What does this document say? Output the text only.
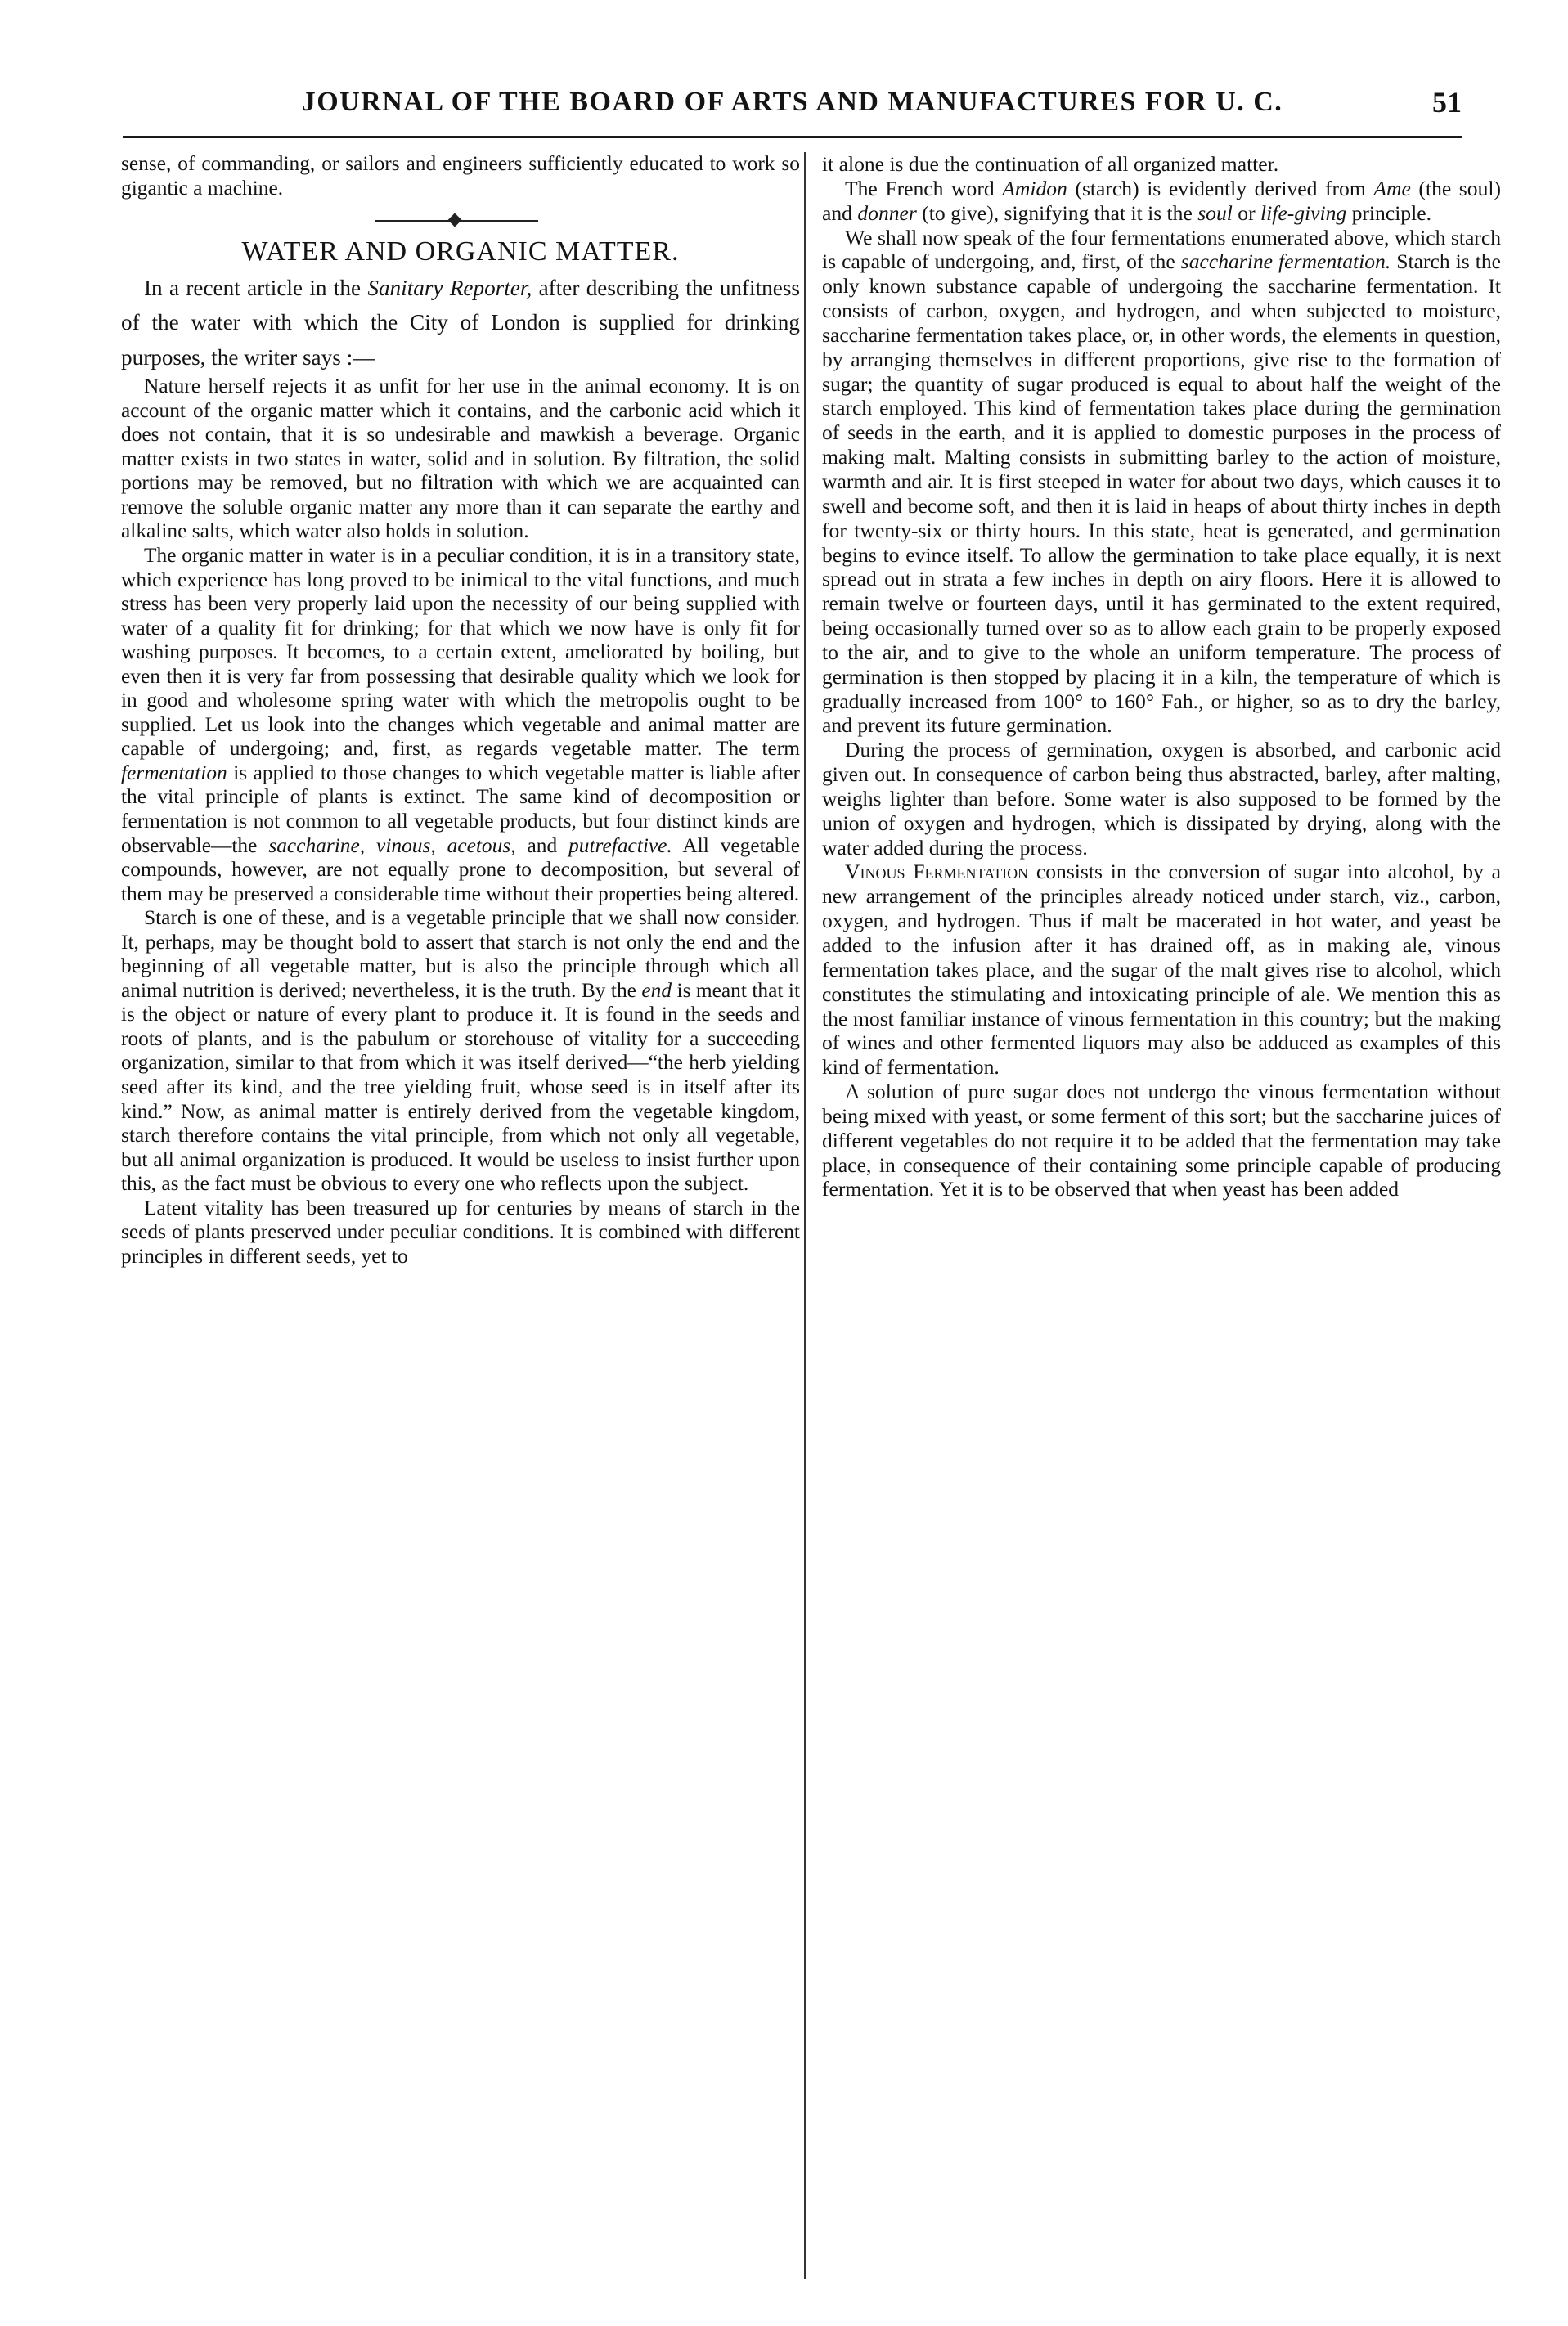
JOURNAL OF THE BOARD OF ARTS AND MANUFACTURES FOR U. C.	51

sense, of commanding, or sailors and engineers sufficiently educated to work so gigantic a machine.

WATER AND ORGANIC MATTER.

In a recent article in the Sanitary Reporter, after describing the unfitness of the water with which the City of London is supplied for drinking purposes, the writer says :—

Nature herself rejects it as unfit for her use in the animal economy. It is on account of the organic matter which it contains, and the carbonic acid which it does not contain, that it is so undesirable and mawkish a beverage. Organic matter exists in two states in water, solid and in solution. By filtration, the solid portions may be removed, but no filtration with which we are acquainted can remove the soluble organic matter any more than it can separate the earthy and alkaline salts, which water also holds in solution.

The organic matter in water is in a peculiar condition, it is in a transitory state, which experience has long proved to be inimical to the vital functions, and much stress has been very properly laid upon the necessity of our being supplied with water of a quality fit for drinking; for that which we now have is only fit for washing purposes. It becomes, to a certain extent, ameliorated by boiling, but even then it is very far from possessing that desirable quality which we look for in good and wholesome spring water with which the metropolis ought to be supplied. Let us look into the changes which vegetable and animal matter are capable of undergoing; and, first, as regards vegetable matter. The term fermentation is applied to those changes to which vegetable matter is liable after the vital principle of plants is extinct. The same kind of decomposition or fermentation is not common to all vegetable products, but four distinct kinds are observable—the saccharine, vinous, acetous, and putrefactive. All vegetable compounds, however, are not equally prone to decomposition, but several of them may be preserved a considerable time without their properties being altered.

Starch is one of these, and is a vegetable principle that we shall now consider. It, perhaps, may be thought bold to assert that starch is not only the end and the beginning of all vegetable matter, but is also the principle through which all animal nutrition is derived; nevertheless, it is the truth. By the end is meant that it is the object or nature of every plant to produce it. It is found in the seeds and roots of plants, and is the pabulum or storehouse of vitality for a succeeding organization, similar to that from which it was itself derived—“the herb yielding seed after its kind, and the tree yielding fruit, whose seed is in itself after its kind.” Now, as animal matter is entirely derived from the vegetable kingdom, starch therefore contains the vital principle, from which not only all vegetable, but all animal organization is produced. It would be useless to insist further upon this, as the fact must be obvious to every one who reflects upon the subject.

Latent vitality has been treasured up for centuries by means of starch in the seeds of plants preserved under peculiar conditions. It is combined with different principles in different seeds, yet to

it alone is due the continuation of all organized matter.

The French word Amidon (starch) is evidently derived from Ame (the soul) and donner (to give), signifying that it is the soul or life-giving principle.

We shall now speak of the four fermentations enumerated above, which starch is capable of undergoing, and, first, of the saccharine fermentation. Starch is the only known substance capable of undergoing the saccharine fermentation. It consists of carbon, oxygen, and hydrogen, and when subjected to moisture, saccharine fermentation takes place, or, in other words, the elements in question, by arranging themselves in different proportions, give rise to the formation of sugar; the quantity of sugar produced is equal to about half the weight of the starch employed. This kind of fermentation takes place during the germination of seeds in the earth, and it is applied to domestic purposes in the process of making malt. Malting consists in submitting barley to the action of moisture, warmth and air. It is first steeped in water for about two days, which causes it to swell and become soft, and then it is laid in heaps of about thirty inches in depth for twenty-six or thirty hours. In this state, heat is generated, and germination begins to evince itself. To allow the germination to take place equally, it is next spread out in strata a few inches in depth on airy floors. Here it is allowed to remain twelve or fourteen days, until it has germinated to the extent required, being occasionally turned over so as to allow each grain to be properly exposed to the air, and to give to the whole an uniform temperature. The process of germination is then stopped by placing it in a kiln, the temperature of which is gradually increased from 100° to 160° Fah., or higher, so as to dry the barley, and prevent its future germination.

During the process of germination, oxygen is absorbed, and carbonic acid given out. In consequence of carbon being thus abstracted, barley, after malting, weighs lighter than before. Some water is also supposed to be formed by the union of oxygen and hydrogen, which is dissipated by drying, along with the water added during the process.

Vinous Fermentation consists in the conversion of sugar into alcohol, by a new arrangement of the principles already noticed under starch, viz., carbon, oxygen, and hydrogen. Thus if malt be macerated in hot water, and yeast be added to the infusion after it has drained off, as in making ale, vinous fermentation takes place, and the sugar of the malt gives rise to alcohol, which constitutes the stimulating and intoxicating principle of ale. We mention this as the most familiar instance of vinous fermentation in this country; but the making of wines and other fermented liquors may also be adduced as examples of this kind of fermentation.

A solution of pure sugar does not undergo the vinous fermentation without being mixed with yeast, or some ferment of this sort; but the saccharine juices of different vegetables do not require it to be added that the fermentation may take place, in consequence of their containing some principle capable of producing fermentation. Yet it is to be observed that when yeast has been added
